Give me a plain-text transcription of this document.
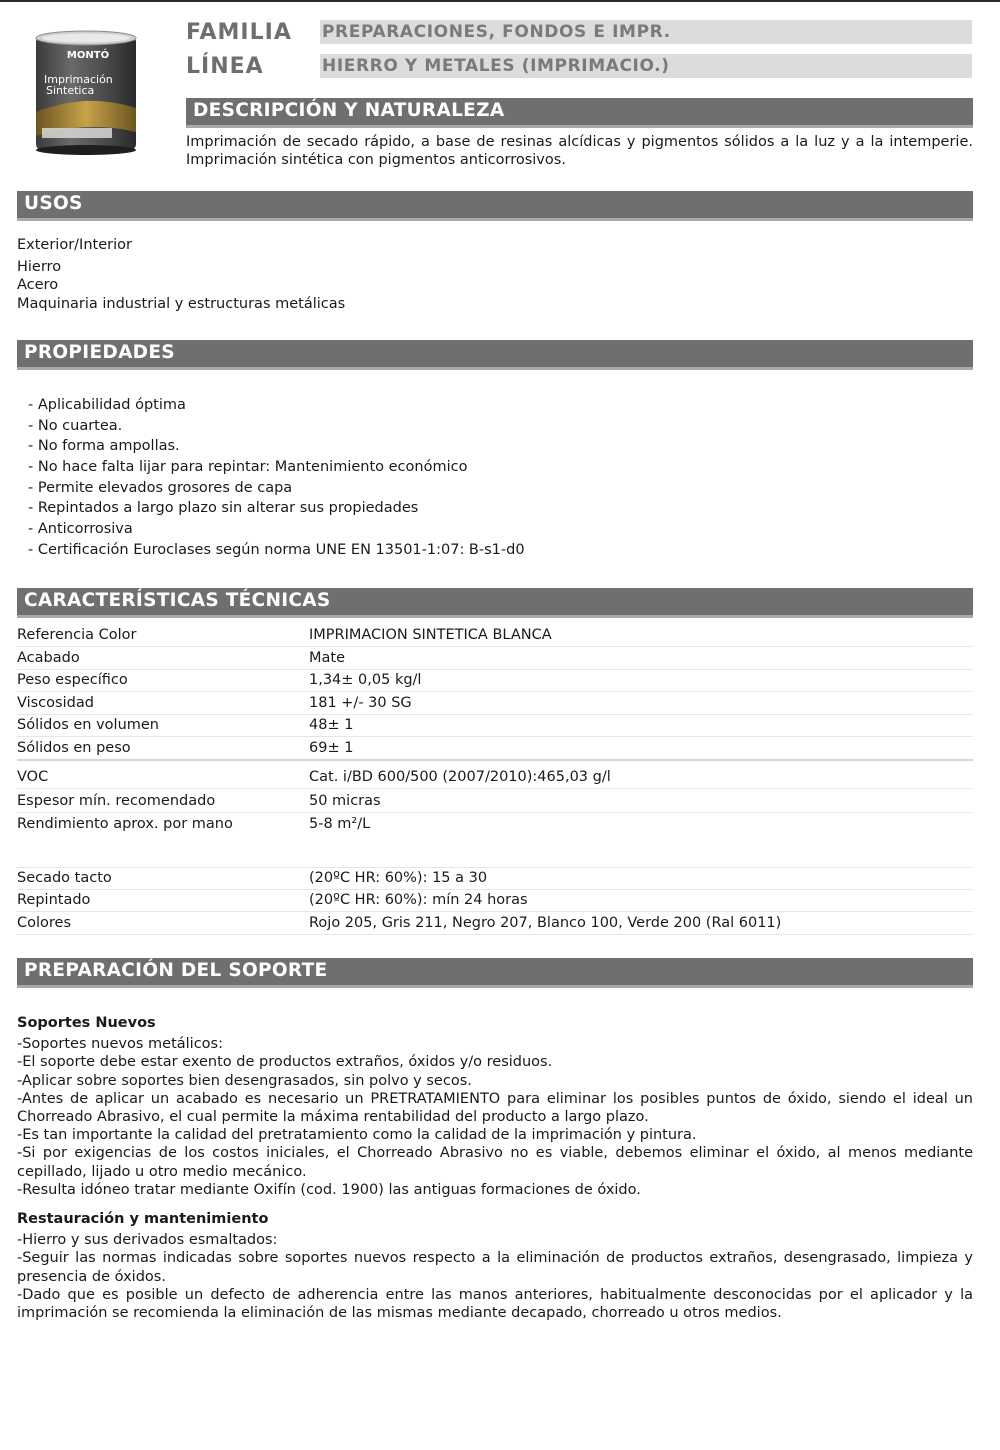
MONTÓ
Imprimación
Sintetica
FAMILIA PREPARACIONES, FONDOS E IMPR.
LÍNEA	HIERRO Y METALES (IMPRIMACIO.)
DESCRIPCIÓN Y NATURALEZA
Imprimación de secado rápido, a base de resinas alcídicas y pigmentos sólidos a la luz y a la intemperie. Imprimación sintética con pigmentos anticorrosivos.
USOS
Exterior/Interior
Hierro
Acero
Maquinaria industrial y estructuras metálicas
PROPIEDADES
- Aplicabilidad óptima
- No cuartea.
- No forma ampollas.
- No hace falta lijar para repintar: Mantenimiento económico
- Permite elevados grosores de capa
- Repintados a largo plazo sin alterar sus propiedades
- Anticorrosiva
- Certificación Euroclases según norma UNE EN 13501-1:07: B-s1-d0
CARACTERÍSTICAS TÉCNICAS
Referencia Color	IMPRIMACION SINTETICA BLANCA
Acabado	Mate
Peso específico	1,34± 0,05 kg/l
Viscosidad	181 +/- 30 SG
Sólidos en volumen	48± 1
Sólidos en peso	69± 1
VOC	Cat. i/BD 600/500 (2007/2010):465,03 g/l
Espesor mín. recomendado	50 micras
Rendimiento aprox. por mano	5-8 m²/L
Secado tacto	(20ºC HR: 60%): 15 a 30
Repintado	(20ºC HR: 60%): mín 24 horas
Colores	Rojo 205, Gris 211, Negro 207, Blanco 100, Verde 200 (Ral 6011)
PREPARACIÓN DEL SOPORTE
Soportes Nuevos

-Soportes nuevos metálicos:

-El soporte debe estar exento de productos extraños, óxidos y/o residuos.

-Aplicar sobre soportes bien desengrasados, sin polvo y secos.

-Antes de aplicar un acabado es necesario un PRETRATAMIENTO para eliminar los posibles puntos de óxido, siendo el ideal un Chorreado Abrasivo, el cual permite la máxima rentabilidad del producto a largo plazo.

-Es tan importante la calidad del pretratamiento como la calidad de la imprimación y pintura.

-Si por exigencias de los costos iniciales, el Chorreado Abrasivo no es viable, debemos eliminar el óxido, al menos mediante cepillado, lijado u otro medio mecánico.

-Resulta idóneo tratar mediante Oxifín (cod. 1900) las antiguas formaciones de óxido.

Restauración y mantenimiento

-Hierro y sus derivados esmaltados:

-Seguir las normas indicadas sobre soportes nuevos respecto a la eliminación de productos extraños, desengrasado, limpieza y presencia de óxidos.

-Dado que es posible un defecto de adherencia entre las manos anteriores, habitualmente desconocidas por el aplicador y la imprimación se recomienda la eliminación de las mismas mediante decapado, chorreado u otros medios.
